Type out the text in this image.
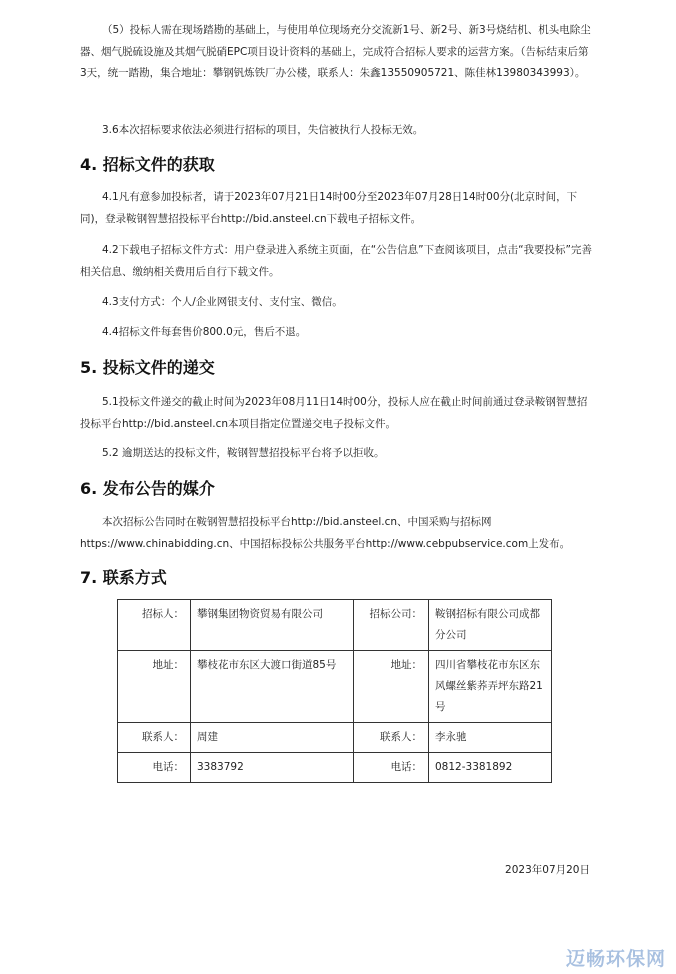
（5）投标人需在现场踏勘的基础上，与使用单位现场充分交流新1号、新2号、新3号烧结机、机头电除尘器、烟气脱硫设施及其烟气脱硝EPC项目设计资料的基础上，完成符合招标人要求的运营方案。（告标结束后第3天，统一踏勘，集合地址：攀钢钒炼铁厂办公楼，联系人：朱鑫13550905721、陈佳林13980343993）。

3.6本次招标要求依法必须进行招标的项目，失信被执行人投标无效。

4. 招标文件的获取

4.1凡有意参加投标者，请于2023年07月21日14时00分至2023年07月28日14时00分(北京时间，下同)，登录鞍钢智慧招投标平台http://bid.ansteel.cn下载电子招标文件。

4.2下载电子招标文件方式：用户登录进入系统主页面，在“公告信息”下查阅该项目，点击“我要投标”完善相关信息、缴纳相关费用后自行下载文件。

4.3支付方式：个人/企业网银支付、支付宝、微信。

4.4招标文件每套售价800.0元，售后不退。

5. 投标文件的递交

5.1投标文件递交的截止时间为2023年08月11日14时00分，投标人应在截止时间前通过登录鞍钢智慧招投标平台http://bid.ansteel.cn本项目指定位置递交电子投标文件。

5.2 逾期送达的投标文件，鞍钢智慧招投标平台将予以拒收。

6. 发布公告的媒介

本次招标公告同时在鞍钢智慧招投标平台http://bid.ansteel.cn、中国采购与招标网https://www.chinabidding.cn、中国招标投标公共服务平台http://www.cebpubservice.com上发布。

7. 联系方式
招标人：	攀钢集团物资贸易有限公司	招标公司：	鞍钢招标有限公司成都分公司
地址：	攀枝花市东区大渡口街道85号	地址：	四川省攀枝花市东区东风螺丝紫荞弄坪东路21号
联系人：	周建	联系人：	李永驰
电话：	3383792	电话：	0812-3381892
2023年07月20日
迈畅环保网
